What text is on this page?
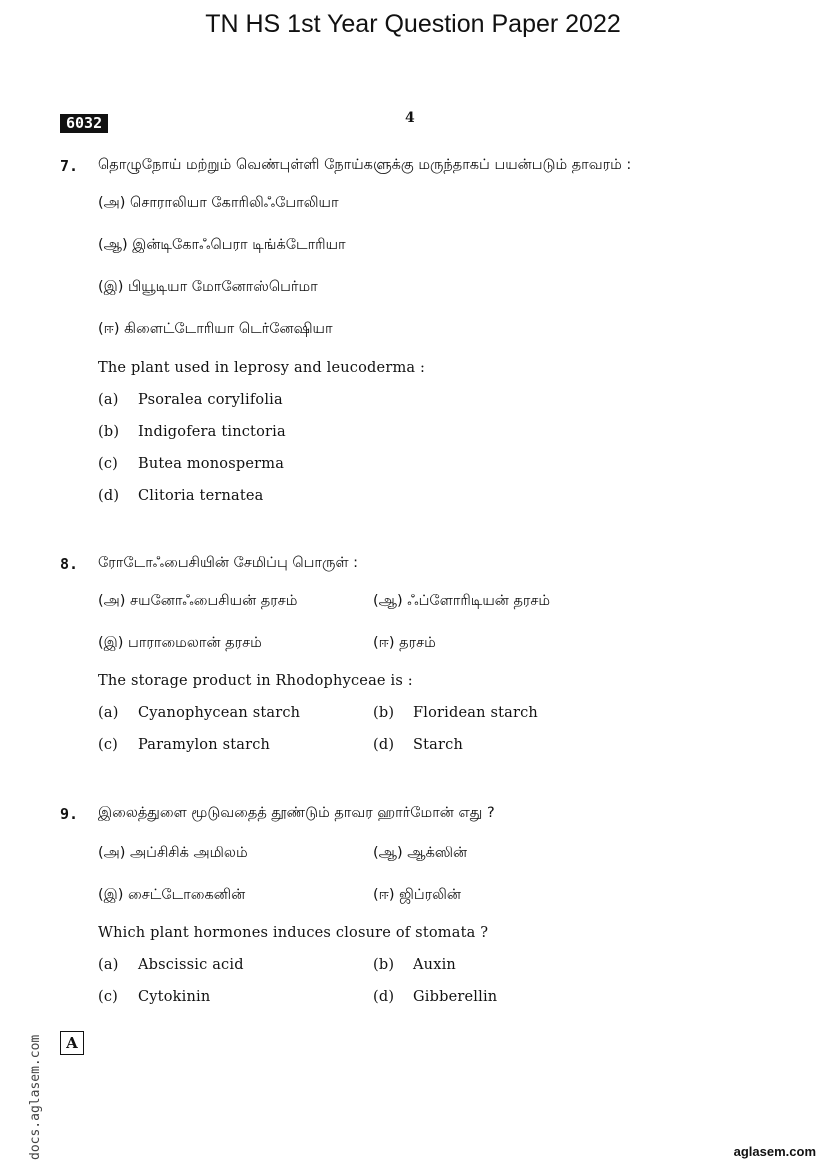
TN HS 1st Year Question Paper 2022
6032	4
7. தொழுநோய் மற்றும் வெண்புள்ளி நோய்களுக்கு மருந்தாகப் பயன்படும் தாவரம் :
(அ) சொராலியா கோரிலிஃபோலியா
(ஆ) இன்டிகோஃபெரா டிங்க்டோரியா
(இ) பியூடியா மோனோஸ்பெர்மா
(ஈ) கிளைட்டோரியா டெர்னேஷியா
The plant used in leprosy and leucoderma :
(a) Psoralea corylifolia
(b) Indigofera tinctoria
(c) Butea monosperma
(d) Clitoria ternatea
8. ரோடோஃபைசியின் சேமிப்பு பொருள் :
(அ) சயனோஃபைசியன் தரசம்	(ஆ) ஃப்ளோரிடியன் தரசம்
(இ) பாராமைலான் தரசம்	(ஈ) தரசம்
The storage product in Rhodophyceae is :
(a) Cyanophycean starch	(b) Floridean starch
(c) Paramylon starch	(d) Starch
9. இலைத்துளை மூடுவதைத் தூண்டும் தாவர ஹார்மோன் எது ?
(அ) அப்சிசிக் அமிலம்	(ஆ) ஆக்ஸின்
(இ) சைட்டோகைனின்	(ஈ) ஜிப்ரலின்
Which plant hormones induces closure of stomata ?
(a) Abscissic acid	(b) Auxin
(c) Cytokinin	(d) Gibberellin
A
docs.aglasem.com	aglasem.com
